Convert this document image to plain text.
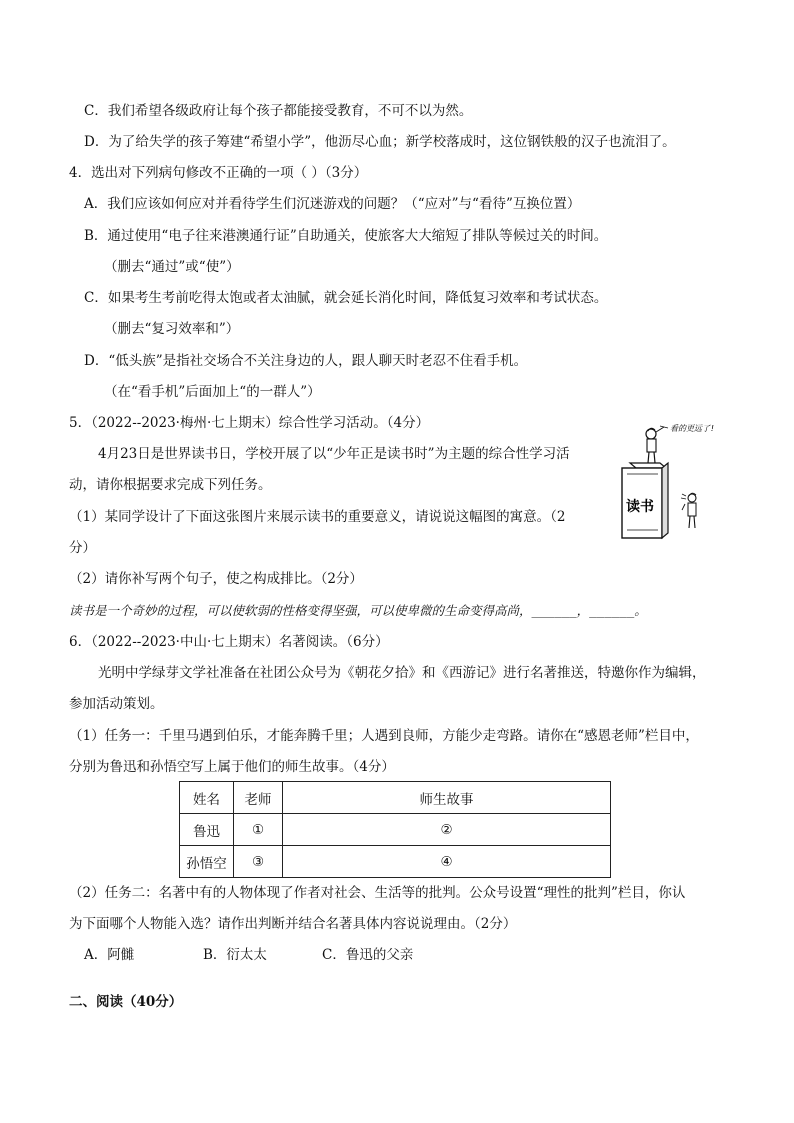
C．我们希望各级政府让每个孩子都能接受教育，不可不以为然。
D．为了给失学的孩子筹建“希望小学”，他沥尽心血；新学校落成时，这位钢铁般的汉子也流泪了。
4．选出对下列病句修改不正确的一项（ ）（3分）
A．我们应该如何应对并看待学生们沉迷游戏的问题？（“应对”与“看待”互换位置）
B．通过使用“电子往来港澳通行证”自助通关，使旅客大大缩短了排队等候过关的时间。
（删去“通过”或“使”）
C．如果考生考前吃得太饱或者太油腻，就会延长消化时间，降低复习效率和考试状态。
（删去“复习效率和”）
D．“低头族”是指社交场合不关注身边的人，跟人聊天时老忍不住看手机。
（在“看手机”后面加上“的一群人”）
5．（2022--2023·梅州·七上期末）综合性学习活动。（4分）
4月23日是世界读书日，学校开展了以“少年正是读书时”为主题的综合性学习活
动，请你根据要求完成下列任务。
（1）某同学设计了下面这张图片来展示读书的重要意义，请说说这幅图的寓意。（2
分）
（2）请你补写两个句子，使之构成排比。（2分）
读书是一个奇妙的过程，可以使软弱的性格变得坚强，可以使卑微的生命变得高尚，______，______。
看的更远了!
读书
6．（2022--2023·中山·七上期末）名著阅读。（6分）
光明中学绿芽文学社准备在社团公众号为《朝花夕拾》和《西游记》进行名著推送，特邀你作为编辑，
参加活动策划。
（1）任务一：千里马遇到伯乐，才能奔腾千里；人遇到良师，方能少走弯路。请你在“感恩老师”栏目中，
分别为鲁迅和孙悟空写上属于他们的师生故事。（4分）
姓名	老师	师生故事
鲁迅	①	②
孙悟空	③	④
（2）任务二：名著中有的人物体现了作者对社会、生活等的批判。公众号设置“理性的批判”栏目，你认
为下面哪个人物能入选？请作出判断并结合名著具体内容说说理由。（2分）
A．阿雠	B．衍太太	C．鲁迅的父亲
二、阅读（40分）
